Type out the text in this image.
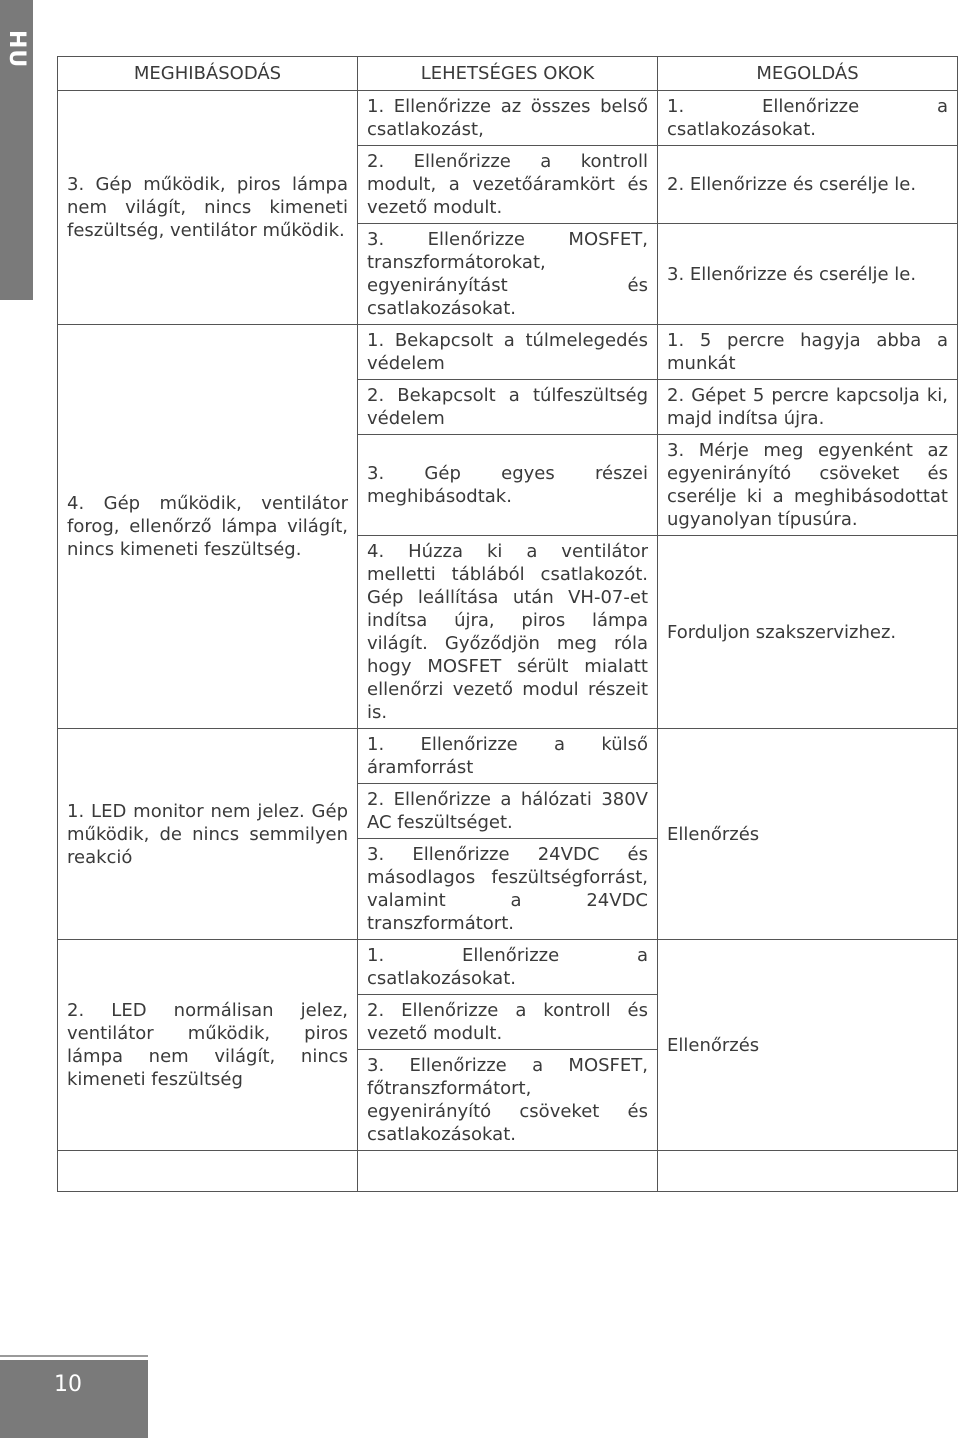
HU
MEGHIBÁSODÁS	LEHETSÉGES OKOK	MEGOLDÁS
3. Gép működik, piros lámpa nem világít, nincs kimeneti feszültség, ventilátor működik.	1. Ellenőrizze az összes belső csatlakozást,	1. Ellenőrizze a csatlakozásokat.
	2. Ellenőrizze a kontroll modult, a vezetőáramkört és vezető modult.	2. Ellenőrizze és cserélje le.
	3. Ellenőrizze MOSFET, transzformátorokat, egyenirányítást és csatlakozásokat.	3. Ellenőrizze és cserélje le.
4. Gép működik, ventilátor forog, ellenőrző lámpa világít, nincs kimeneti feszültség.	1. Bekapcsolt a túlmelegedés védelem	1. 5 percre hagyja abba a munkát
	2. Bekapcsolt a túlfeszültség védelem	2. Gépet 5 percre kapcsolja ki, majd indítsa újra.
	3. Gép egyes részei meghibásodtak.	3. Mérje meg egyenként az egyenirányító csöveket és cserélje ki a meghibásodottat ugyanolyan típusúra.
	4. Húzza ki a ventilátor melletti táblából csatlakozót. Gép leállítása után VH-07-et indítsa újra, piros lámpa világít. Győződjön meg róla hogy MOSFET sérült mialatt ellenőrzi vezető modul részeit is.	Forduljon szakszervizhez.
1. LED monitor nem jelez. Gép működik, de nincs semmilyen reakció	1. Ellenőrizze a külső áramforrást	Ellenőrzés
	2. Ellenőrizze a hálózati 380V AC feszültséget.	
	3. Ellenőrizze 24VDC és másodlagos feszültségforrást, valamint a 24VDC transzformátort.	
2. LED normálisan jelez, ventilátor működik, piros lámpa nem világít, nincs kimeneti feszültség	1. Ellenőrizze a csatlakozásokat.	Ellenőrzés
	2. Ellenőrizze a kontroll és vezető modult.	
	3. Ellenőrizze a MOSFET, főtranszformátort, egyenirányító csöveket és csatlakozásokat.	

10
